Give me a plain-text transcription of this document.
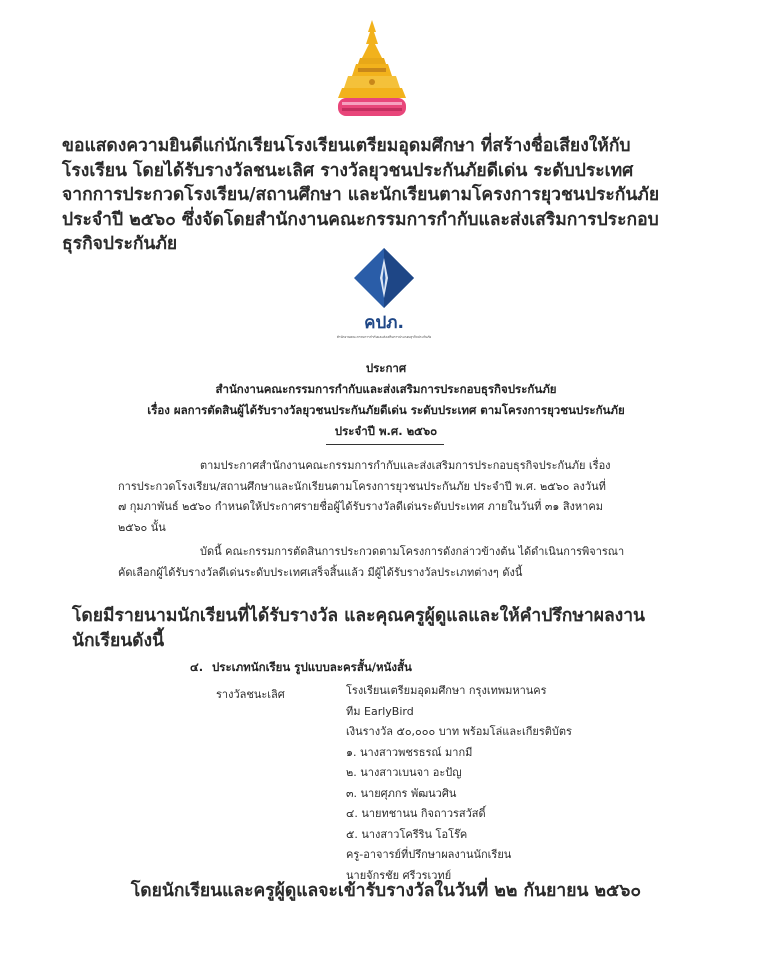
ขอแสดงความยินดีแก่นักเรียนโรงเรียนเตรียมอุดมศึกษา ที่สร้างชื่อเสียงให้กับ
โรงเรียน โดยได้รับรางวัลชนะเลิศ รางวัลยุวชนประกันภัยดีเด่น ระดับประเทศ
จากการประกวดโรงเรียน/สถานศึกษา และนักเรียนตามโครงการยุวชนประกันภัย
ประจำปี ๒๕๖๐ ซึ่งจัดโดยสำนักงานคณะกรรมการกำกับและส่งเสริมการประกอบ
ธุรกิจประกันภัย
คปภ.
สำนักงานคณะกรรมการกำกับและส่งเสริมการประกอบธุรกิจประกันภัย
ประกาศ
สำนักงานคณะกรรมการกำกับและส่งเสริมการประกอบธุรกิจประกันภัย
เรื่อง ผลการตัดสินผู้ได้รับรางวัลยุวชนประกันภัยดีเด่น ระดับประเทศ ตามโครงการยุวชนประกันภัย
ประจำปี พ.ศ. ๒๕๖๐
ตามประกาศสำนักงานคณะกรรมการกำกับและส่งเสริมการประกอบธุรกิจประกันภัย เรื่อง
การประกวดโรงเรียน/สถานศึกษาและนักเรียนตามโครงการยุวชนประกันภัย ประจำปี พ.ศ. ๒๕๖๐ ลงวันที่
๗ กุมภาพันธ์ ๒๕๖๐ กำหนดให้ประกาศรายชื่อผู้ได้รับรางวัลดีเด่นระดับประเทศ ภายในวันที่ ๓๑ สิงหาคม
๒๕๖๐ นั้น
บัดนี้ คณะกรรมการตัดสินการประกวดตามโครงการดังกล่าวข้างต้น ได้ดำเนินการพิจารณา
คัดเลือกผู้ได้รับรางวัลดีเด่นระดับประเทศเสร็จสิ้นแล้ว มีผู้ได้รับรางวัลประเภทต่างๆ ดังนี้
โดยมีรายนามนักเรียนที่ได้รับรางวัล และคุณครูผู้ดูแลและให้คำปรึกษาผลงาน
นักเรียนดังนี้
๔. ประเภทนักเรียน รูปแบบละครสั้น/หนังสั้น
รางวัลชนะเลิศ	โรงเรียนเตรียมอุดมศึกษา กรุงเทพมหานคร
ทีม EarlyBird
เงินรางวัล ๕๐,๐๐๐ บาท พร้อมโล่และเกียรติบัตร
๑. นางสาวพชรธรณ์ มากมี
๒. นางสาวเบนจา อะปัญ
๓. นายศุภกร พัฒนวศิน
๔. นายทชานน กิจถาวรสวัสดิ์
๕. นางสาวโครีริน โอโร๊ค
ครู-อาจารย์ที่ปรึกษาผลงานนักเรียน
นายจักรชัย ศรีวรเวทย์
โดยนักเรียนและครูผู้ดูแลจะเข้ารับรางวัลในวันที่ ๒๒ กันยายน ๒๕๖๐
